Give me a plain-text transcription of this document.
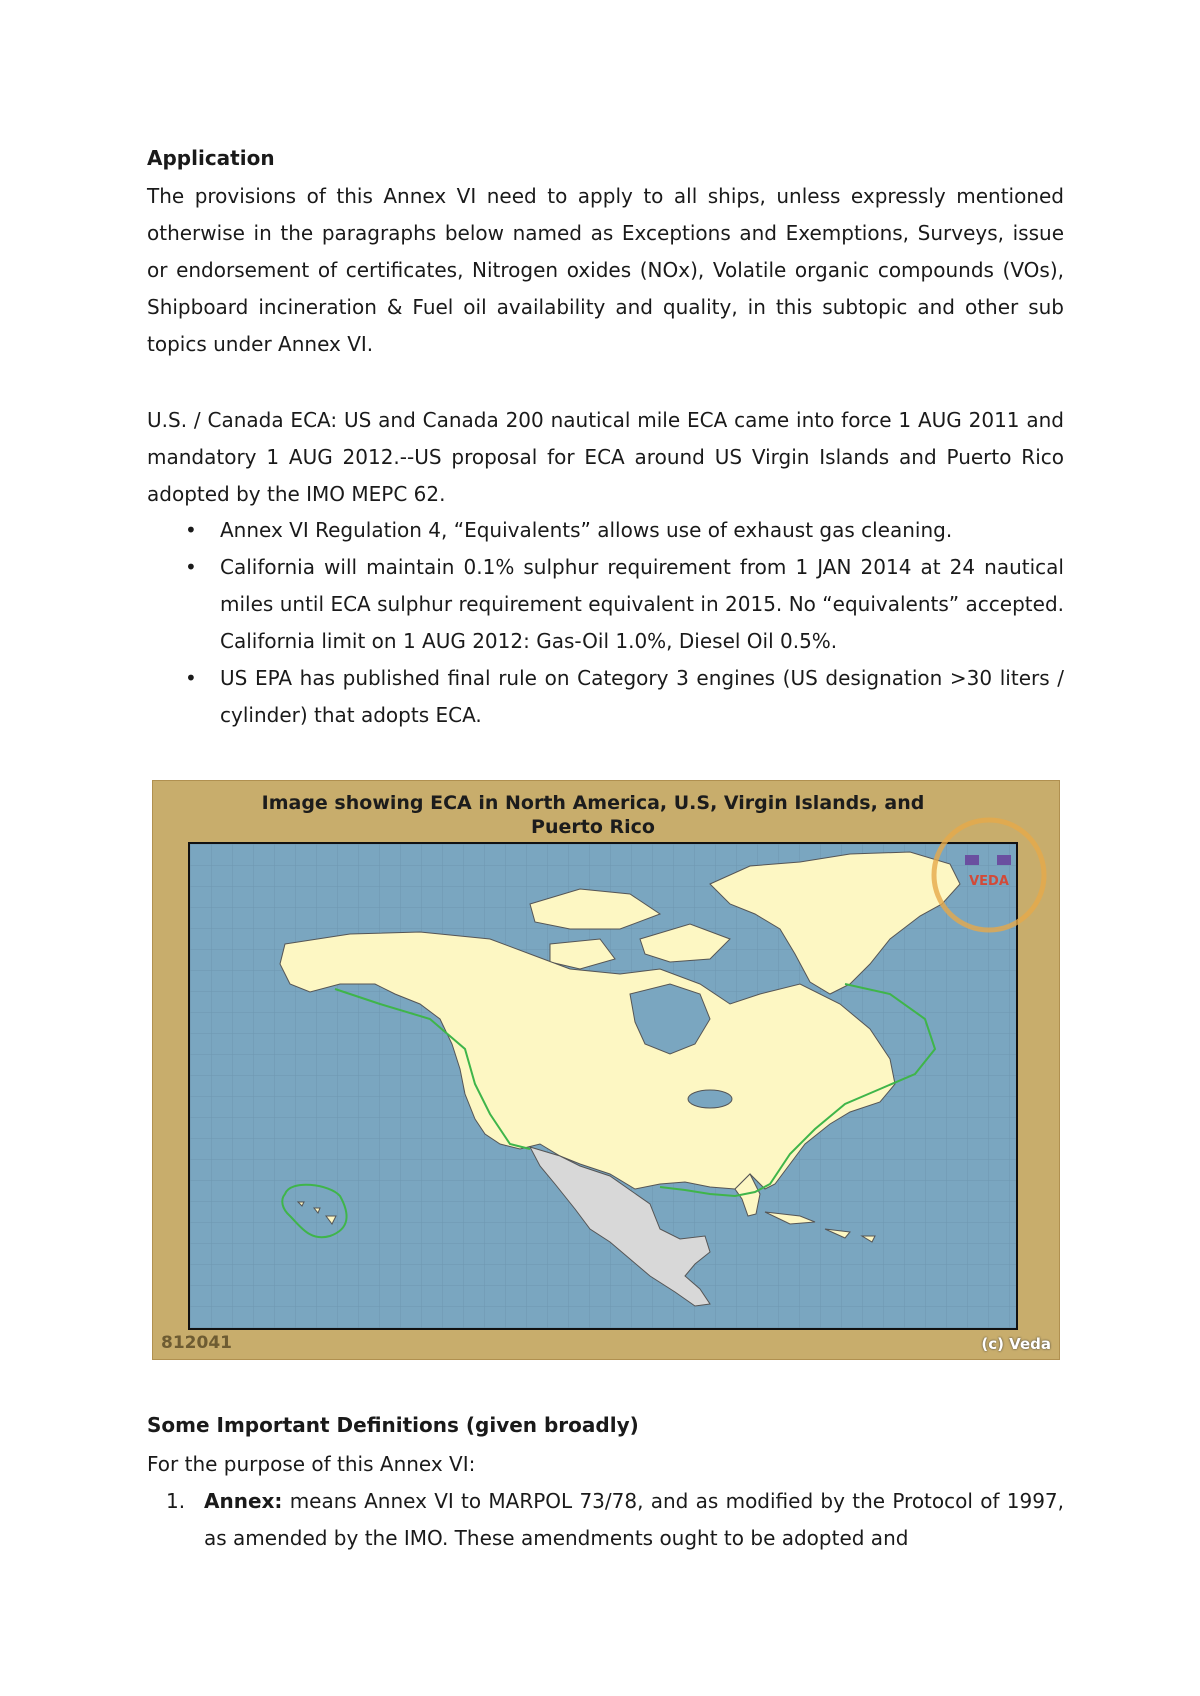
Application

The provisions of this Annex VI need to apply to all ships, unless expressly mentioned otherwise in the paragraphs below named as Exceptions and Exemptions, Surveys, issue or endorsement of certificates, Nitrogen oxides (NOx), Volatile organic compounds (VOs), Shipboard incineration & Fuel oil availability and quality, in this subtopic and other sub topics under Annex VI.

U.S. / Canada ECA: US and Canada 200 nautical mile ECA came into force 1 AUG 2011 and mandatory 1 AUG 2012.--US proposal for ECA around US Virgin Islands and Puerto Rico adopted by the IMO MEPC 62.

• Annex VI Regulation 4, “Equivalents” allows use of exhaust gas cleaning.
• California will maintain 0.1% sulphur requirement from 1 JAN 2014 at 24 nautical miles until ECA sulphur requirement equivalent in 2015. No “equivalents” accepted. California limit on 1 AUG 2012: Gas-Oil 1.0%, Diesel Oil 0.5%.
• US EPA has published final rule on Category 3 engines (US designation >30 liters / cylinder) that adopts ECA.
Image showing ECA in North America, U.S, Virgin Islands, and
Puerto Rico
VEDA
812041	(c) Veda
Some Important Definitions (given broadly)

For the purpose of this Annex VI:

1. Annex: means Annex VI to MARPOL 73/78, and as modified by the Protocol of 1997, as amended by the IMO. These amendments ought to be adopted and
